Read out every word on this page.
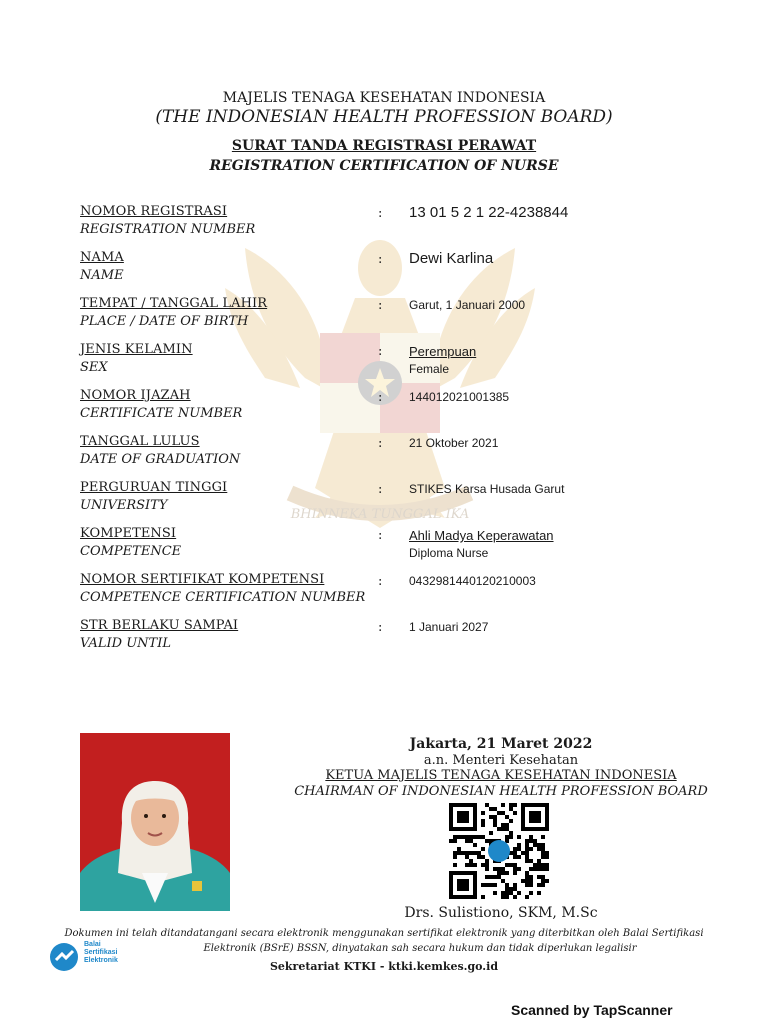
BHINNEKA TUNGGAL IKA
MAJELIS TENAGA KESEHATAN INDONESIA
(THE INDONESIAN HEALTH PROFESSION BOARD)
SURAT TANDA REGISTRASI PERAWAT
REGISTRATION CERTIFICATION OF NURSE
NOMOR REGISTRASI
REGISTRATION NUMBER
: 13 01 5 2 1 22-4238844
NAMA
NAME
: Dewi Karlina
TEMPAT / TANGGAL LAHIR
PLACE / DATE OF BIRTH
: Garut, 1 Januari 2000
JENIS KELAMIN
SEX
: Perempuan
Female
NOMOR IJAZAH
CERTIFICATE NUMBER
: 144012021001385
TANGGAL LULUS
DATE OF GRADUATION
: 21 Oktober 2021
PERGURUAN TINGGI
UNIVERSITY
: STIKES Karsa Husada Garut
KOMPETENSI
COMPETENCE
: Ahli Madya Keperawatan
Diploma Nurse
NOMOR SERTIFIKAT KOMPETENSI
COMPETENCE CERTIFICATION NUMBER
: 0432981440120210003
STR BERLAKU SAMPAI
VALID UNTIL
: 1 Januari 2027
Jakarta, 21 Maret 2022
a.n. Menteri Kesehatan
KETUA MAJELIS TENAGA KESEHATAN INDONESIA
CHAIRMAN OF INDONESIAN HEALTH PROFESSION BOARD
Drs. Sulistiono, SKM, M.Sc
Dokumen ini telah ditandatangani secara elektronik menggunakan sertifikat elektronik yang diterbitkan oleh Balai Sertifikasi
Elektronik (BSrE) BSSN, dinyatakan sah secara hukum dan tidak diperlukan legalisir
Balai
Sertifikasi
Elektronik	Sekretariat KTKI - ktki.kemkes.go.id
Scanned by TapScanner
